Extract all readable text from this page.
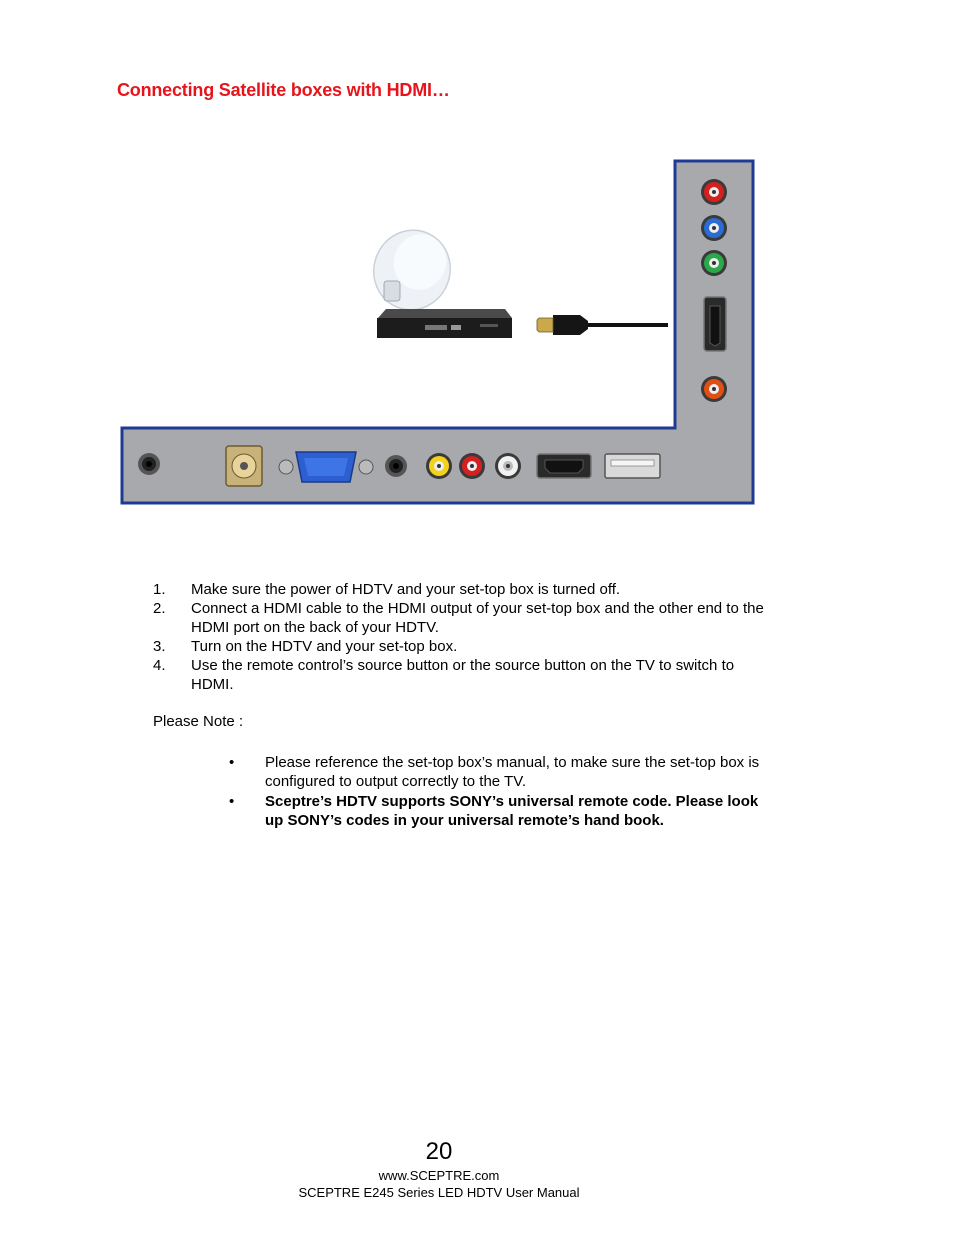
Connecting Satellite boxes with HDMI…
1.	Make sure the power of HDTV and your set-top box is turned off.
2.	Connect a HDMI cable to the HDMI output of your set-top box and the other end to the HDMI port on the back of your HDTV.
3.	Turn on the HDTV and your set-top box.
4.	Use the remote control’s source button or the source button on the TV to switch to HDMI.
Please Note :
•	Please reference the set-top box’s manual, to make sure the set-top box is configured to output correctly to the TV.
•	Sceptre’s HDTV supports SONY’s universal remote code. Please look up SONY’s codes in your universal remote’s hand book.
20
www.SCEPTRE.com
SCEPTRE E245 Series LED HDTV User Manual
